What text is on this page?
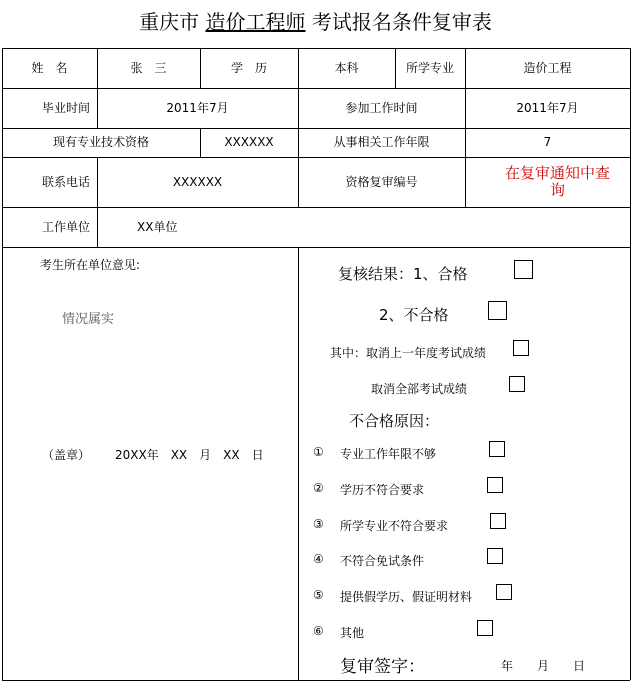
重庆市 造价工程师 考试报名条件复审表
姓　名	张　三	学　历	本科	所学专业	造价工程
毕业时间	2011年7月	参加工作时间	2011年7月
现有专业技术资格	XXXXXX	从事相关工作年限	7
联系电话	XXXXXX	资格复审编号	在复审通知中查询
工作单位	XX单位
考生所在单位意见:
情况属实
（盖章） 20XX年　XX　月　XX　日
复核结果：1、合格
2、不合格
其中：取消上一年度考试成绩
取消全部考试成绩
不合格原因：
① 专业工作年限不够
② 学历不符合要求
③ 所学专业不符合要求
④ 不符合免试条件
⑤ 提供假学历、假证明材料
⑥ 其他
复审签字：	年　　月　　日
